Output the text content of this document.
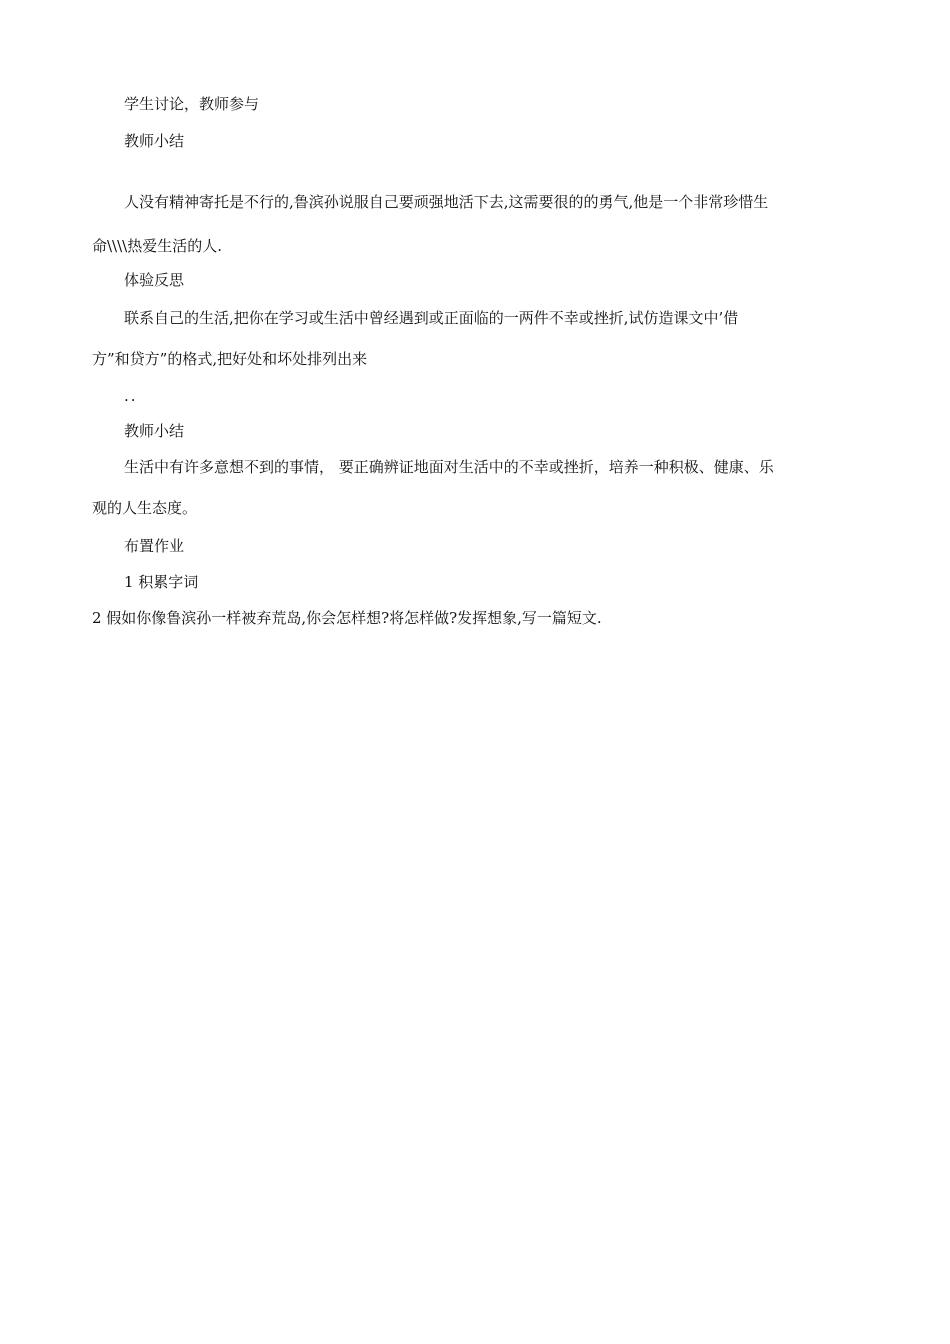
学生讨论，教师参与
教师小结
人没有精神寄托是不行的,鲁滨孙说服自己要顽强地活下去,这需要很的的勇气,他是一个非常珍惜生
命\\\\热爱生活的人.
体验反思
联系自己的生活,把你在学习或生活中曾经遇到或正面临的一两件不幸或挫折,试仿造课文中’借
方”和贷方”的格式,把好处和坏处排列出来
..
教师小结
生活中有许多意想不到的事情， 要正确辨证地面对生活中的不幸或挫折，培养一种积极、健康、乐
观的人生态度。
布置作业
1 积累字词
2 假如你像鲁滨孙一样被弃荒岛,你会怎样想?将怎样做?发挥想象,写一篇短文.
